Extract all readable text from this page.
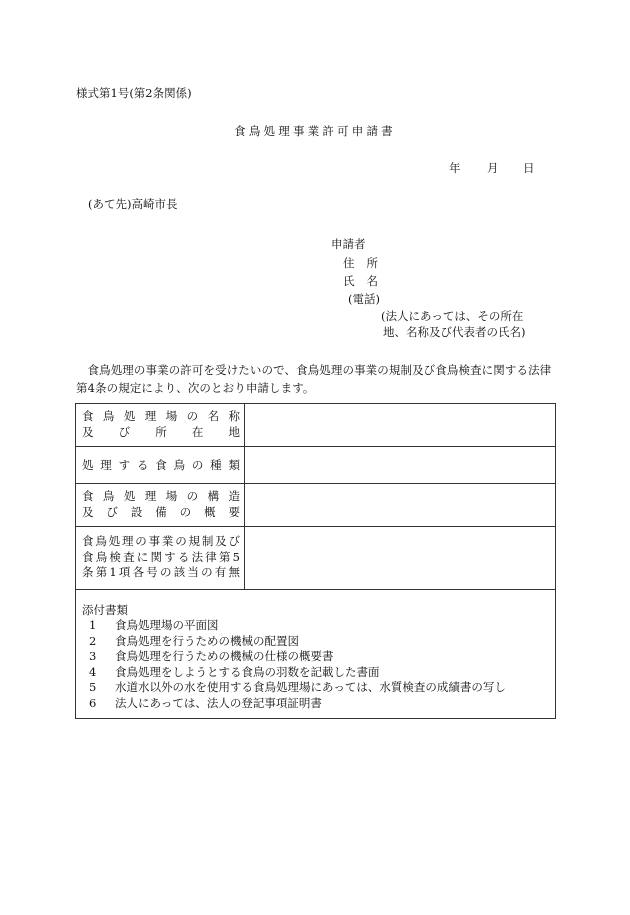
様式第1号(第2条関係)
食鳥処理事業許可申請書
年 月 日
(あて先)高崎市長
申請者
住所
氏名
(電話)
(法人にあっては、その所在
地、名称及び代表者の氏名)
食鳥処理の事業の許可を受けたいので、食鳥処理の事業の規制及び食鳥検査に関する法律第4条の規定により、次のとおり申請します。
食鳥処理場の名称
及び所在地
処理する食鳥の種類
食鳥処理場の構造
及び設備の概要
食鳥処理の事業の規制及び
食鳥検査に関する法律第5
条第1項各号の該当の有無
添付書類
1 食鳥処理場の平面図
2 食鳥処理を行うための機械の配置図
3 食鳥処理を行うための機械の仕様の概要書
4 食鳥処理をしようとする食鳥の羽数を記載した書面
5 水道水以外の水を使用する食鳥処理場にあっては、水質検査の成績書の写し
6 法人にあっては、法人の登記事項証明書
